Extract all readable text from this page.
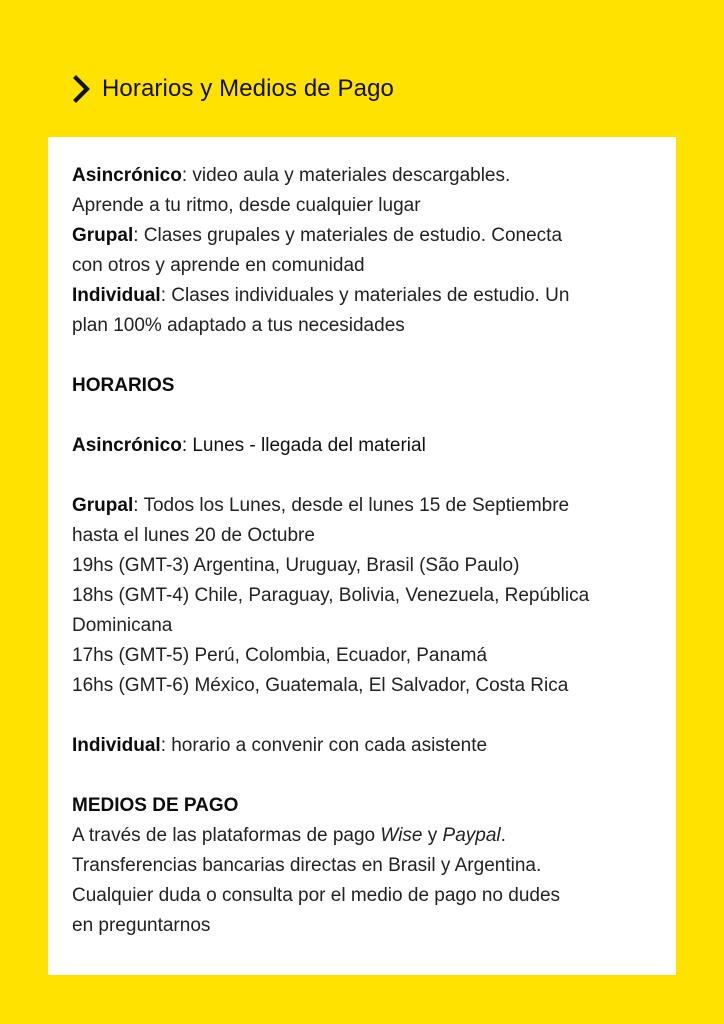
Horarios y Medios de Pago
Asincrónico: video aula y materiales descargables.
Aprende a tu ritmo, desde cualquier lugar
Grupal: Clases grupales y materiales de estudio. Conecta
con otros y aprende en comunidad
Individual: Clases individuales y materiales de estudio. Un
plan 100% adaptado a tus necesidades
HORARIOS
Asincrónico: Lunes - llegada del material
Grupal: Todos los Lunes, desde el lunes 15 de Septiembre
hasta el lunes 20 de Octubre
19hs (GMT-3) Argentina, Uruguay, Brasil (São Paulo)
18hs (GMT-4) Chile, Paraguay, Bolivia, Venezuela, República
Dominicana
17hs (GMT-5) Perú, Colombia, Ecuador, Panamá
16hs (GMT-6) México, Guatemala, El Salvador, Costa Rica
Individual: horario a convenir con cada asistente
MEDIOS DE PAGO
A través de las plataformas de pago Wise y Paypal.
Transferencias bancarias directas en Brasil y Argentina.
Cualquier duda o consulta por el medio de pago no dudes
en preguntarnos
